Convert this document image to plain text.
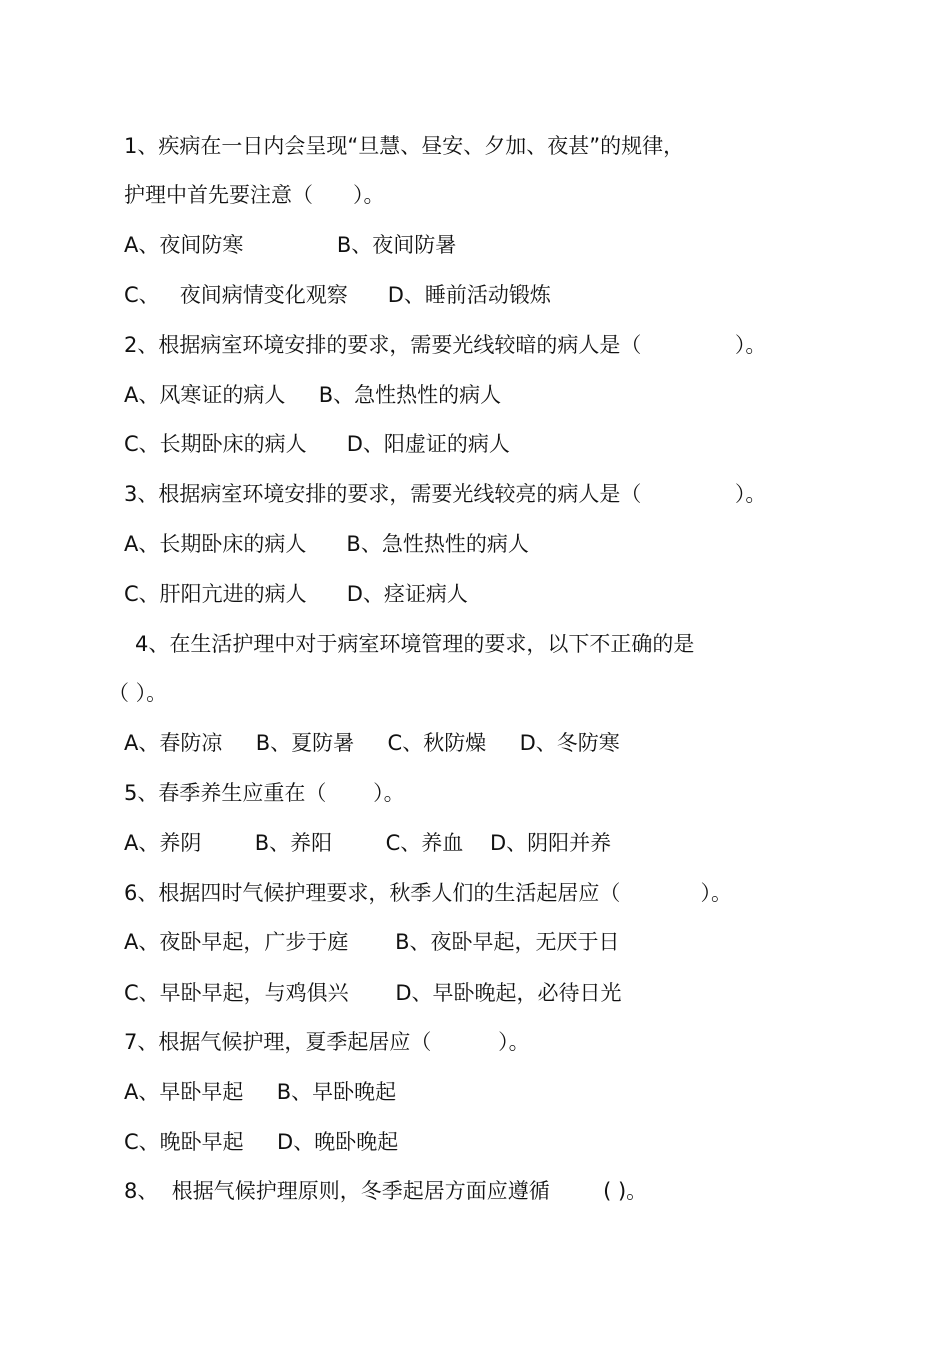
1、疾病在一日内会呈现“旦慧、昼安、夕加、夜甚”的规律，
护理中首先要注意（      ）。
A、夜间防寒              B、夜间防暑
C、   夜间病情变化观察      D、睡前活动锻炼
2、根据病室环境安排的要求，需要光线较暗的病人是（              ）。
A、风寒证的病人     B、急性热性的病人
C、长期卧床的病人      D、阳虚证的病人
3、根据病室环境安排的要求，需要光线较亮的病人是（              ）。
A、长期卧床的病人      B、急性热性的病人
C、肝阳亢进的病人      D、痉证病人
4、在生活护理中对于病室环境管理的要求，以下不正确的是
（ ）。
A、春防凉     B、夏防暑     C、秋防燥     D、冬防寒
5、春季养生应重在（       ）。
A、养阴        B、养阳        C、养血    D、阴阳并养
6、根据四时气候护理要求，秋季人们的生活起居应（            ）。
A、夜卧早起，广步于庭       B、夜卧早起，无厌于日
C、早卧早起，与鸡俱兴       D、早卧晚起，必待日光
7、根据气候护理，夏季起居应（          ）。
A、早卧早起     B、早卧晚起
C、晚卧早起     D、晚卧晚起
8、  根据气候护理原则，冬季起居方面应遵循        ( )。
